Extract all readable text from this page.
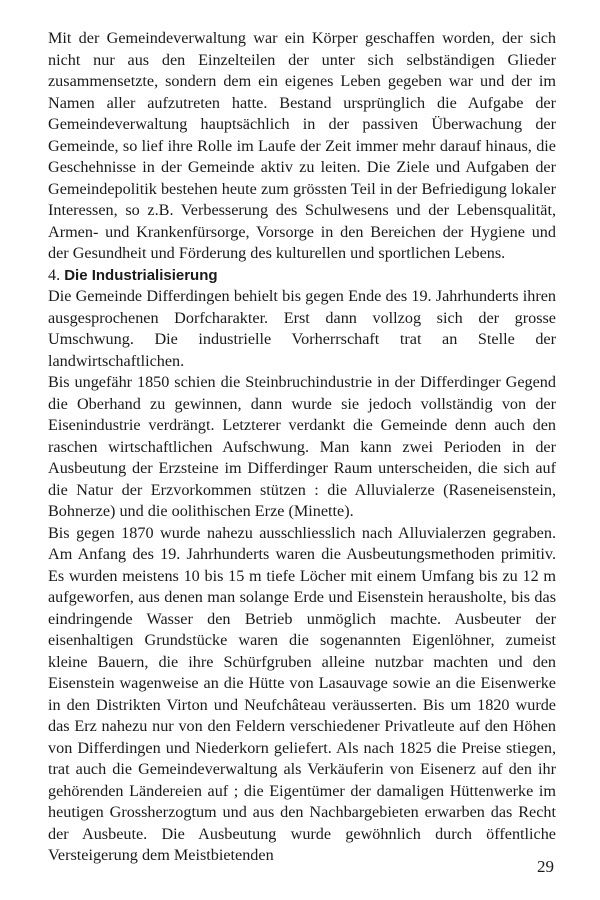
Mit der Gemeindeverwaltung war ein Körper geschaffen worden, der sich nicht nur aus den Einzelteilen der unter sich selbständigen Glieder zusammensetzte, sondern dem ein eigenes Leben gegeben war und der im Namen aller aufzutreten hatte. Bestand ursprünglich die Aufgabe der Gemeindeverwaltung hauptsächlich in der passiven Überwachung der Gemeinde, so lief ihre Rolle im Laufe der Zeit immer mehr darauf hinaus, die Geschehnisse in der Gemeinde aktiv zu leiten. Die Ziele und Aufgaben der Gemeindepolitik bestehen heute zum grössten Teil in der Befriedigung lokaler Interessen, so z.B. Verbesserung des Schulwesens und der Lebensqualität, Armen- und Krankenfürsorge, Vorsorge in den Bereichen der Hygiene und der Gesundheit und Förderung des kulturellen und sportlichen Lebens.

4. Die Industrialisierung

Die Gemeinde Differdingen behielt bis gegen Ende des 19. Jahrhunderts ihren ausgesprochenen Dorfcharakter. Erst dann vollzog sich der grosse Umschwung. Die industrielle Vorherrschaft trat an Stelle der landwirtschaftlichen.

Bis ungefähr 1850 schien die Steinbruchindustrie in der Differdinger Gegend die Oberhand zu gewinnen, dann wurde sie jedoch vollständig von der Eisenindustrie verdrängt. Letzterer verdankt die Gemeinde denn auch den raschen wirtschaftlichen Aufschwung. Man kann zwei Perioden in der Ausbeutung der Erzsteine im Differdinger Raum unterscheiden, die sich auf die Natur der Erzvorkommen stützen : die Alluvialerze (Raseneisenstein, Bohnerze) und die oolithischen Erze (Minette).

Bis gegen 1870 wurde nahezu ausschliesslich nach Alluvialerzen gegraben. Am Anfang des 19. Jahrhunderts waren die Ausbeutungsmethoden primitiv. Es wurden meistens 10 bis 15 m tiefe Löcher mit einem Umfang bis zu 12 m aufgeworfen, aus denen man solange Erde und Eisenstein herausholte, bis das eindringende Wasser den Betrieb unmöglich machte. Ausbeuter der eisenhaltigen Grundstücke waren die sogenannten Eigenlöhner, zumeist kleine Bauern, die ihre Schürfgruben alleine nutzbar machten und den Eisenstein wagenweise an die Hütte von Lasauvage sowie an die Eisenwerke in den Distrikten Virton und Neufchâteau veräusserten. Bis um 1820 wurde das Erz nahezu nur von den Feldern verschiedener Privatleute auf den Höhen von Differdingen und Niederkorn geliefert. Als nach 1825 die Preise stiegen, trat auch die Gemeindeverwaltung als Verkäuferin von Eisenerz auf den ihr gehörenden Ländereien auf ; die Eigentümer der damaligen Hüttenwerke im heutigen Grossherzogtum und aus den Nachbargebieten erwarben das Recht der Ausbeute. Die Ausbeutung wurde gewöhnlich durch öffentliche Versteigerung dem Meistbietenden

29
